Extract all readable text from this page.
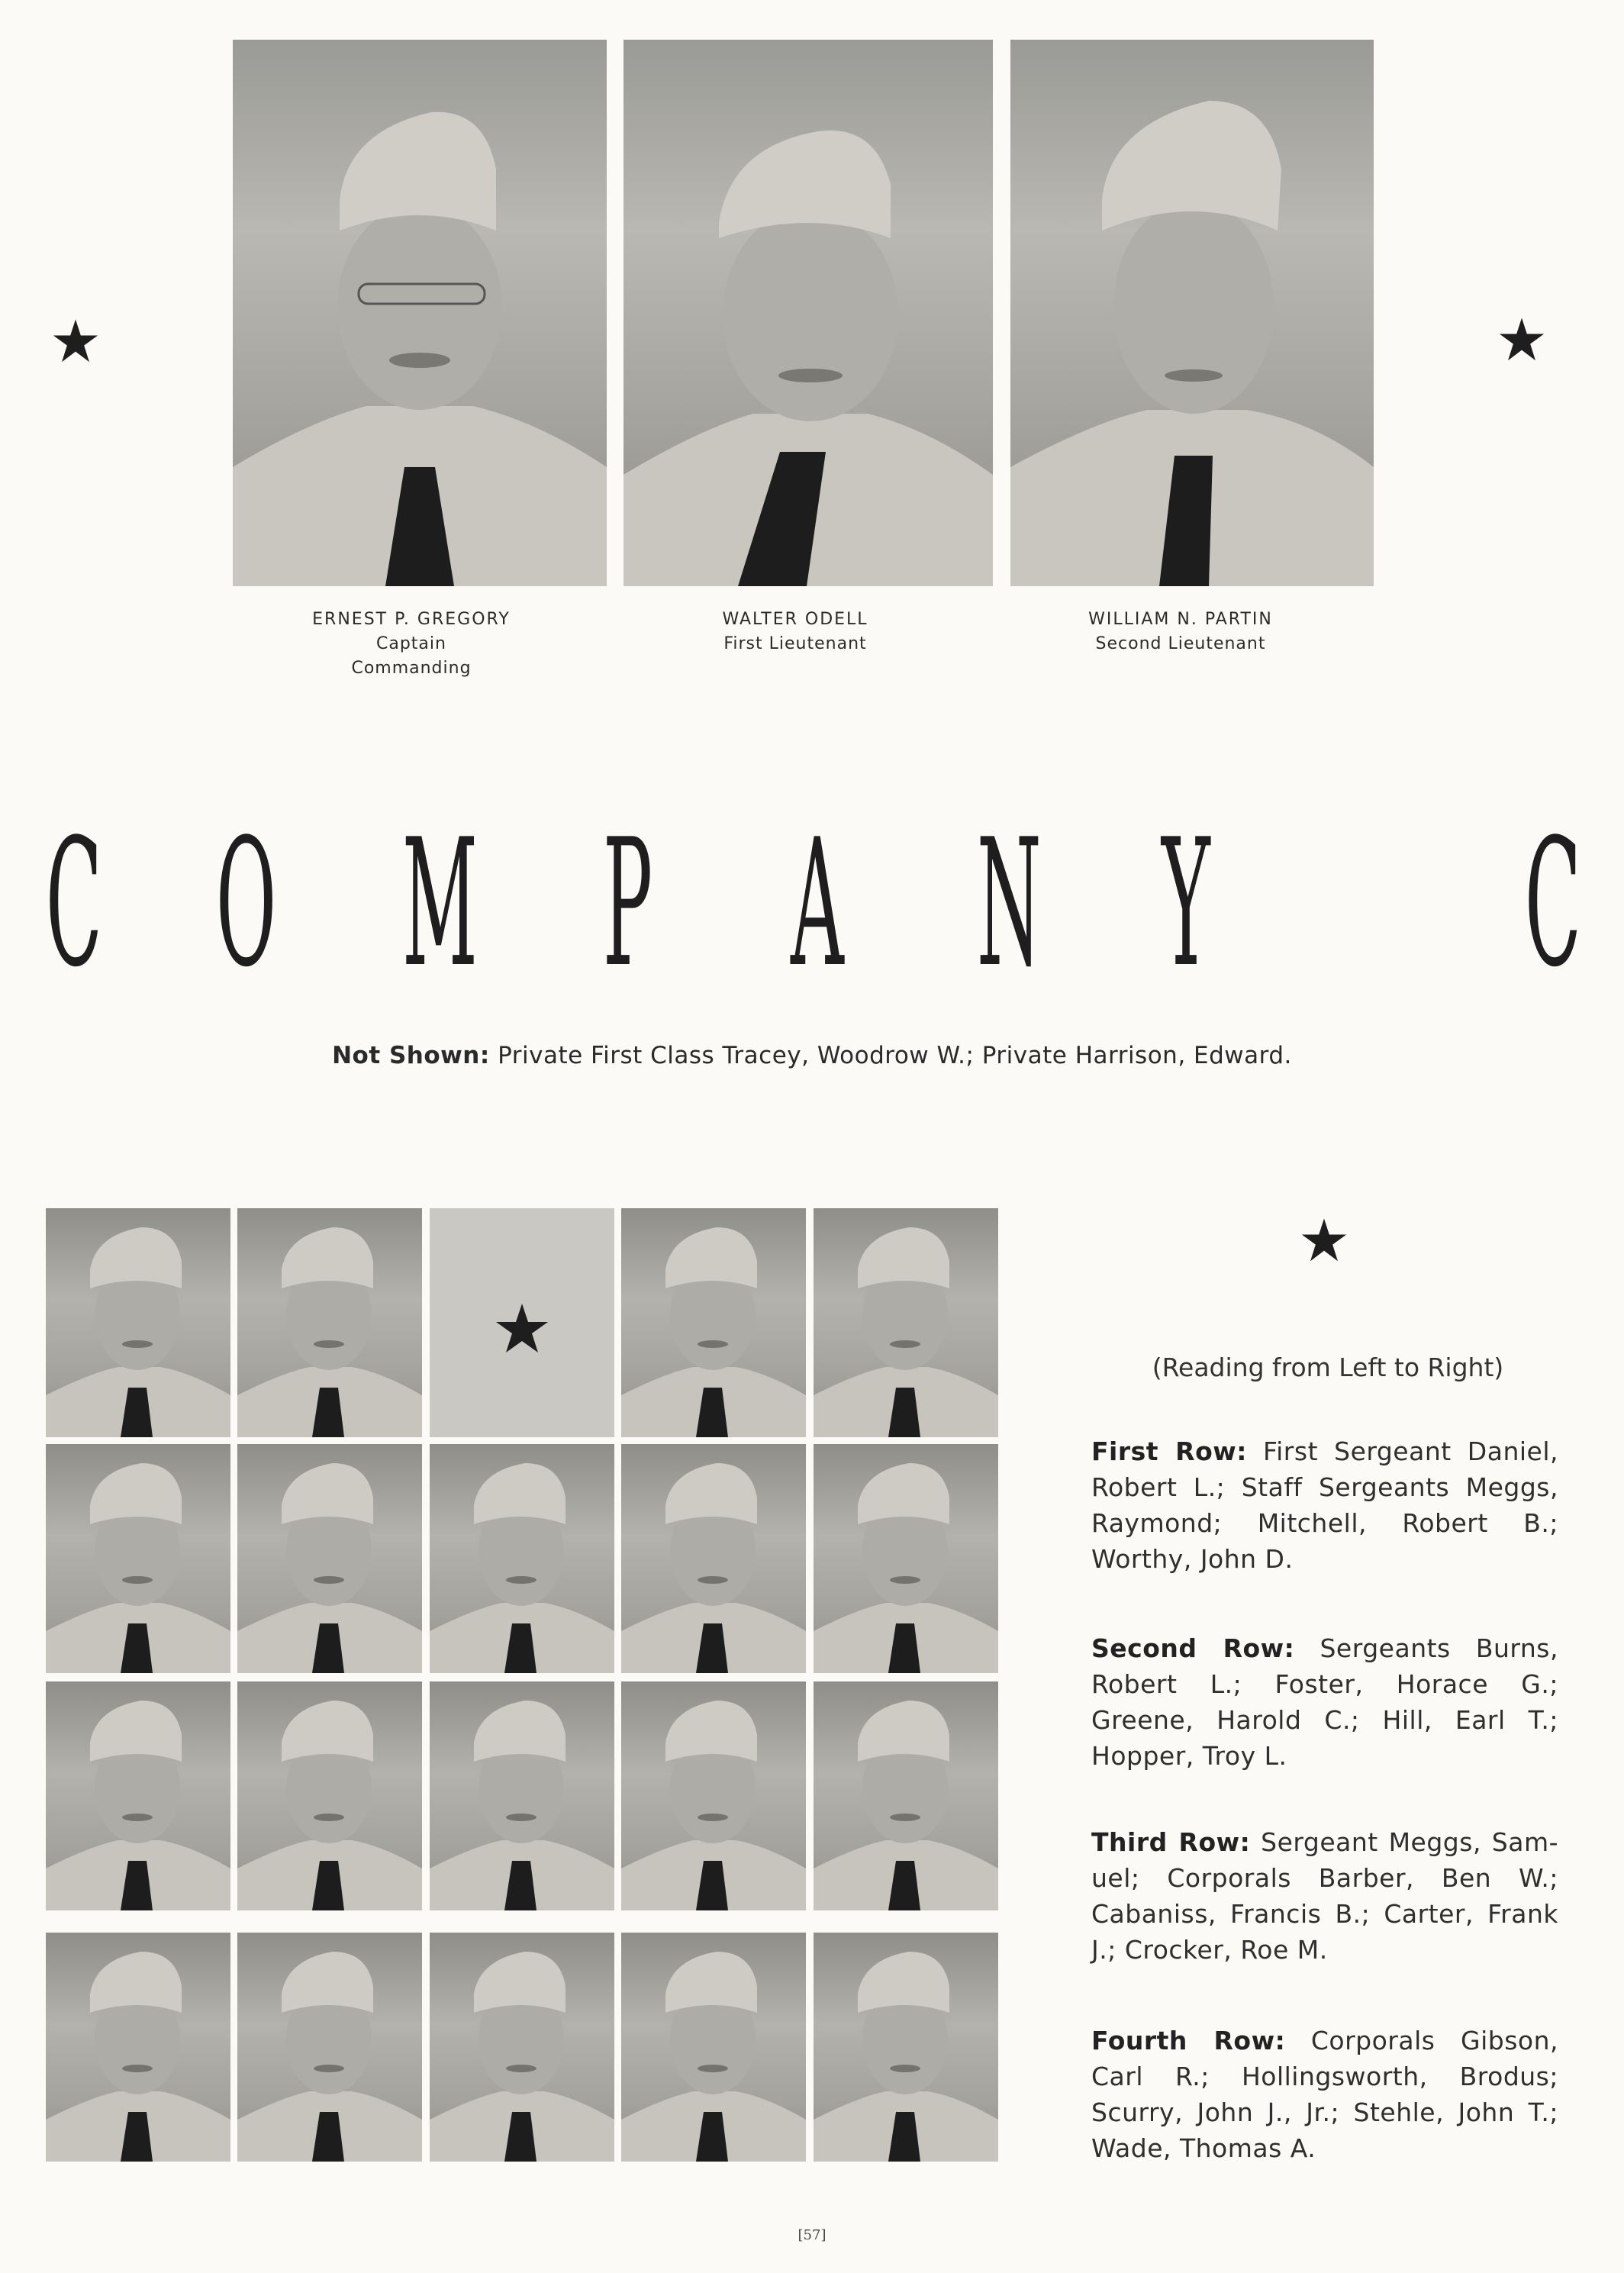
ERNEST P. GREGORY
Captain
Commanding
WALTER ODELL
First Lieutenant
WILLIAM N. PARTIN
Second Lieutenant
C O M P A N Y C
Not Shown: Private First Class Tracey, Woodrow W.; Private Harrison, Edward.
(Reading from Left to Right)
First Row: First Sergeant Daniel, Robert L.; Staff Sergeants Meggs, Raymond; Mitchell, Robert B.; Worthy, John D.
Second Row: Sergeants Burns, Robert L.; Foster, Horace G.; Greene, Harold C.; Hill, Earl T.; Hopper, Troy L.
Third Row: Sergeant Meggs, Sam-uel; Corporals Barber, Ben W.; Cabaniss, Francis B.; Carter, Frank J.; Crocker, Roe M.
Fourth Row: Corporals Gibson, Carl R.; Hollingsworth, Brodus; Scurry, John J., Jr.; Stehle, John T.; Wade, Thomas A.
[57]
